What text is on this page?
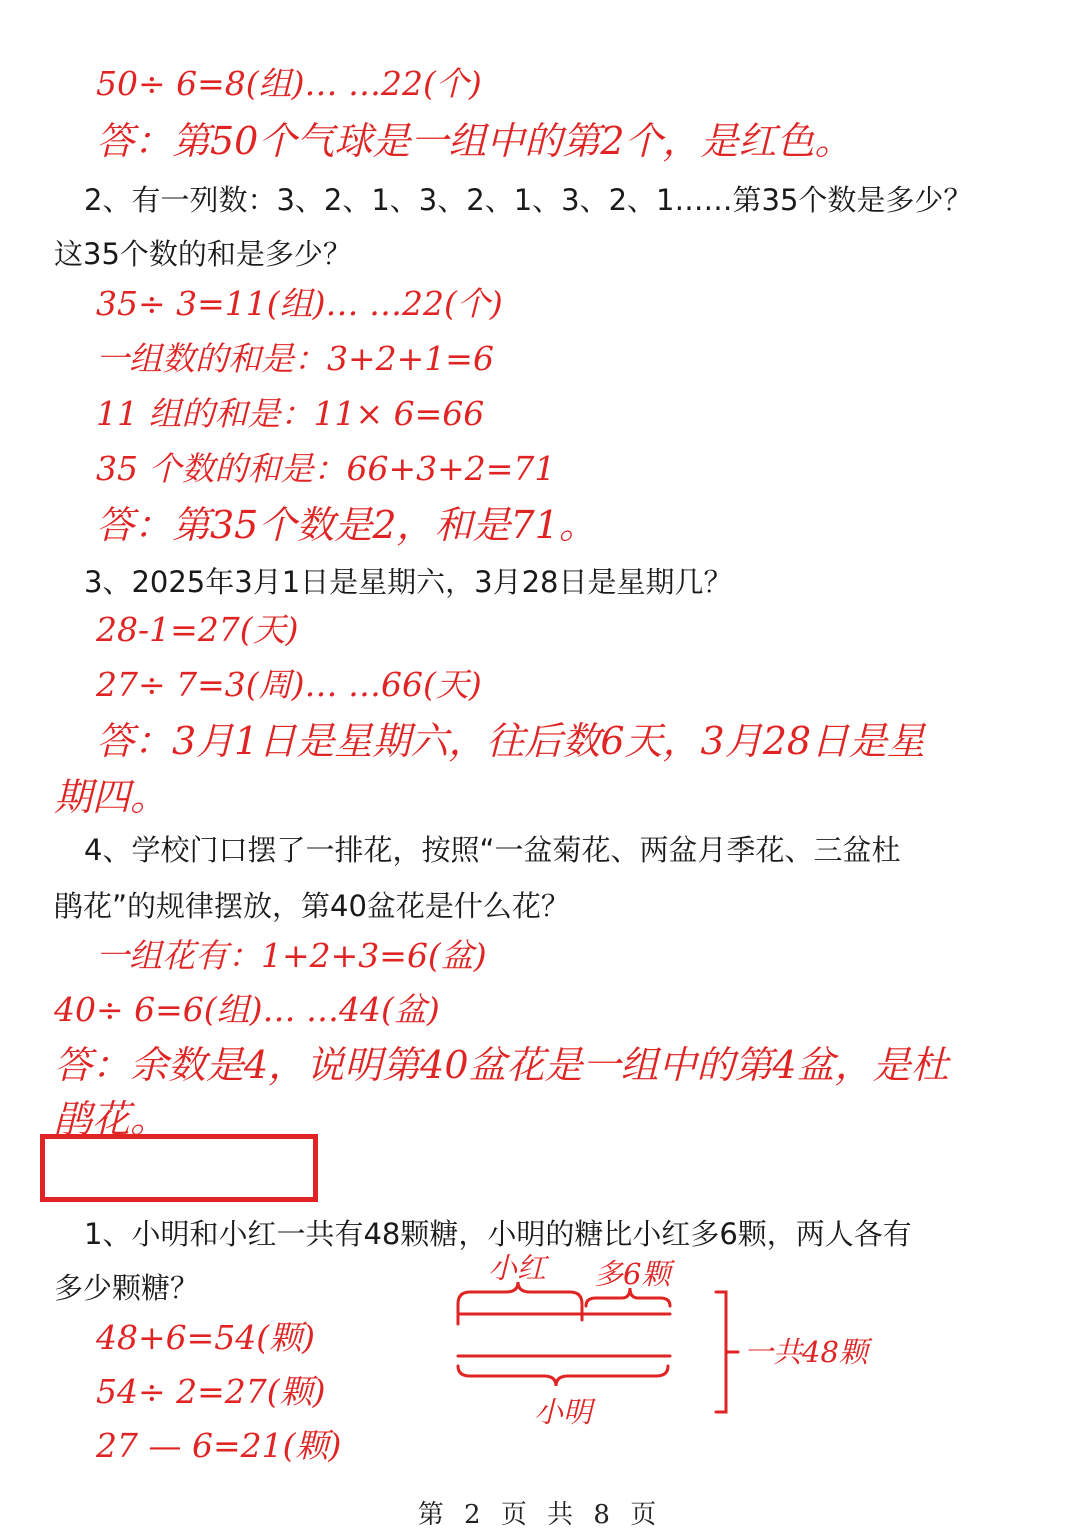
50÷ 6=8(组)… …22(个)
答：第50个气球是一组中的第2个，是红色。
2、有一列数：3、2、1、3、2、1、3、2、1……第35个数是多少？
这35个数的和是多少？
35÷ 3=11(组)… …22(个)
一组数的和是：3+2+1=6
11 组的和是：11× 6=66
35 个数的和是：66+3+2=71
答：第35个数是2，和是71。
3、2025年3月1日是星期六，3月28日是星期几？
28-1=27(天)
27÷ 7=3(周)… …66(天)
答：3月1日是星期六，往后数6天，3月28日是星
期四。
4、学校门口摆了一排花，按照“一盆菊花、两盆月季花、三盆杜
鹃花”的规律摆放，第40盆花是什么花？
一组花有：1+2+3=6(盆)
40÷ 6=6(组)… …44(盆)
答：余数是4，说明第40盆花是一组中的第4盆，是杜
鹃花。
1、小明和小红一共有48颗糖，小明的糖比小红多6颗，两人各有
多少颗糖？
48+6=54(颗)
54÷ 2=27(颗)
27 — 6=21(颗)
小红 多6颗
一共48颗
小明
第 2 页 共 8 页
